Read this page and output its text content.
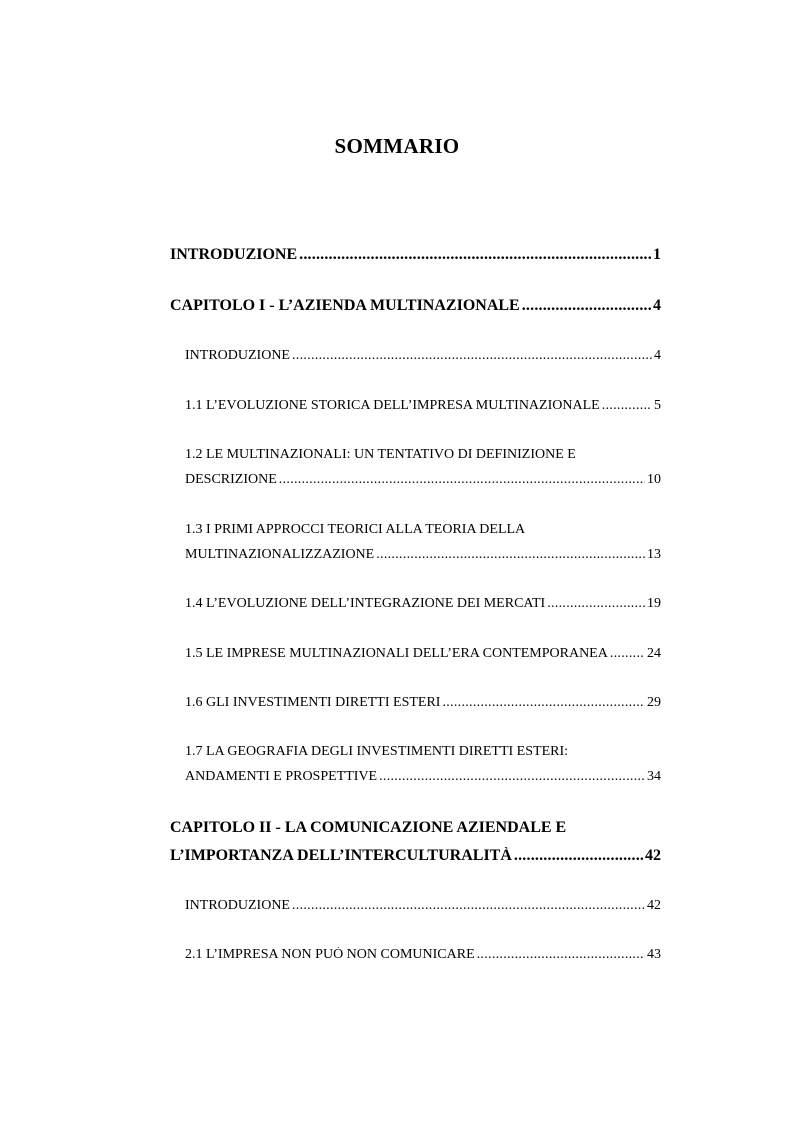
SOMMARIO
INTRODUZIONE . . .	1
CAPITOLO I - L’AZIENDA MULTINAZIONALE . . .	4
INTRODUZIONE . . .	4
1.1 L’EVOLUZIONE STORICA DELL’IMPRESA MULTINAZIONALE . . .	5
1.2 LE MULTINAZIONALI: UN TENTATIVO DI DEFINIZIONE E
DESCRIZIONE . . .	10
1.3 I PRIMI APPROCCI TEORICI ALLA TEORIA DELLA
MULTINAZIONALIZZAZIONE . . .	13
1.4 L’EVOLUZIONE DELL’INTEGRAZIONE DEI MERCATI . . .	19
1.5 LE IMPRESE MULTINAZIONALI DELL’ERA CONTEMPORANEA . . .	24
1.6 GLI INVESTIMENTI DIRETTI ESTERI . . .	29
1.7 LA GEOGRAFIA DEGLI INVESTIMENTI DIRETTI ESTERI:
ANDAMENTI E PROSPETTIVE . . .	34
CAPITOLO II - LA COMUNICAZIONE AZIENDALE E
L’IMPORTANZA DELL’INTERCULTURALITÀ . . .	42
INTRODUZIONE . . .	42
2.1 L’IMPRESA NON PUÒ NON COMUNICARE . . .	43
